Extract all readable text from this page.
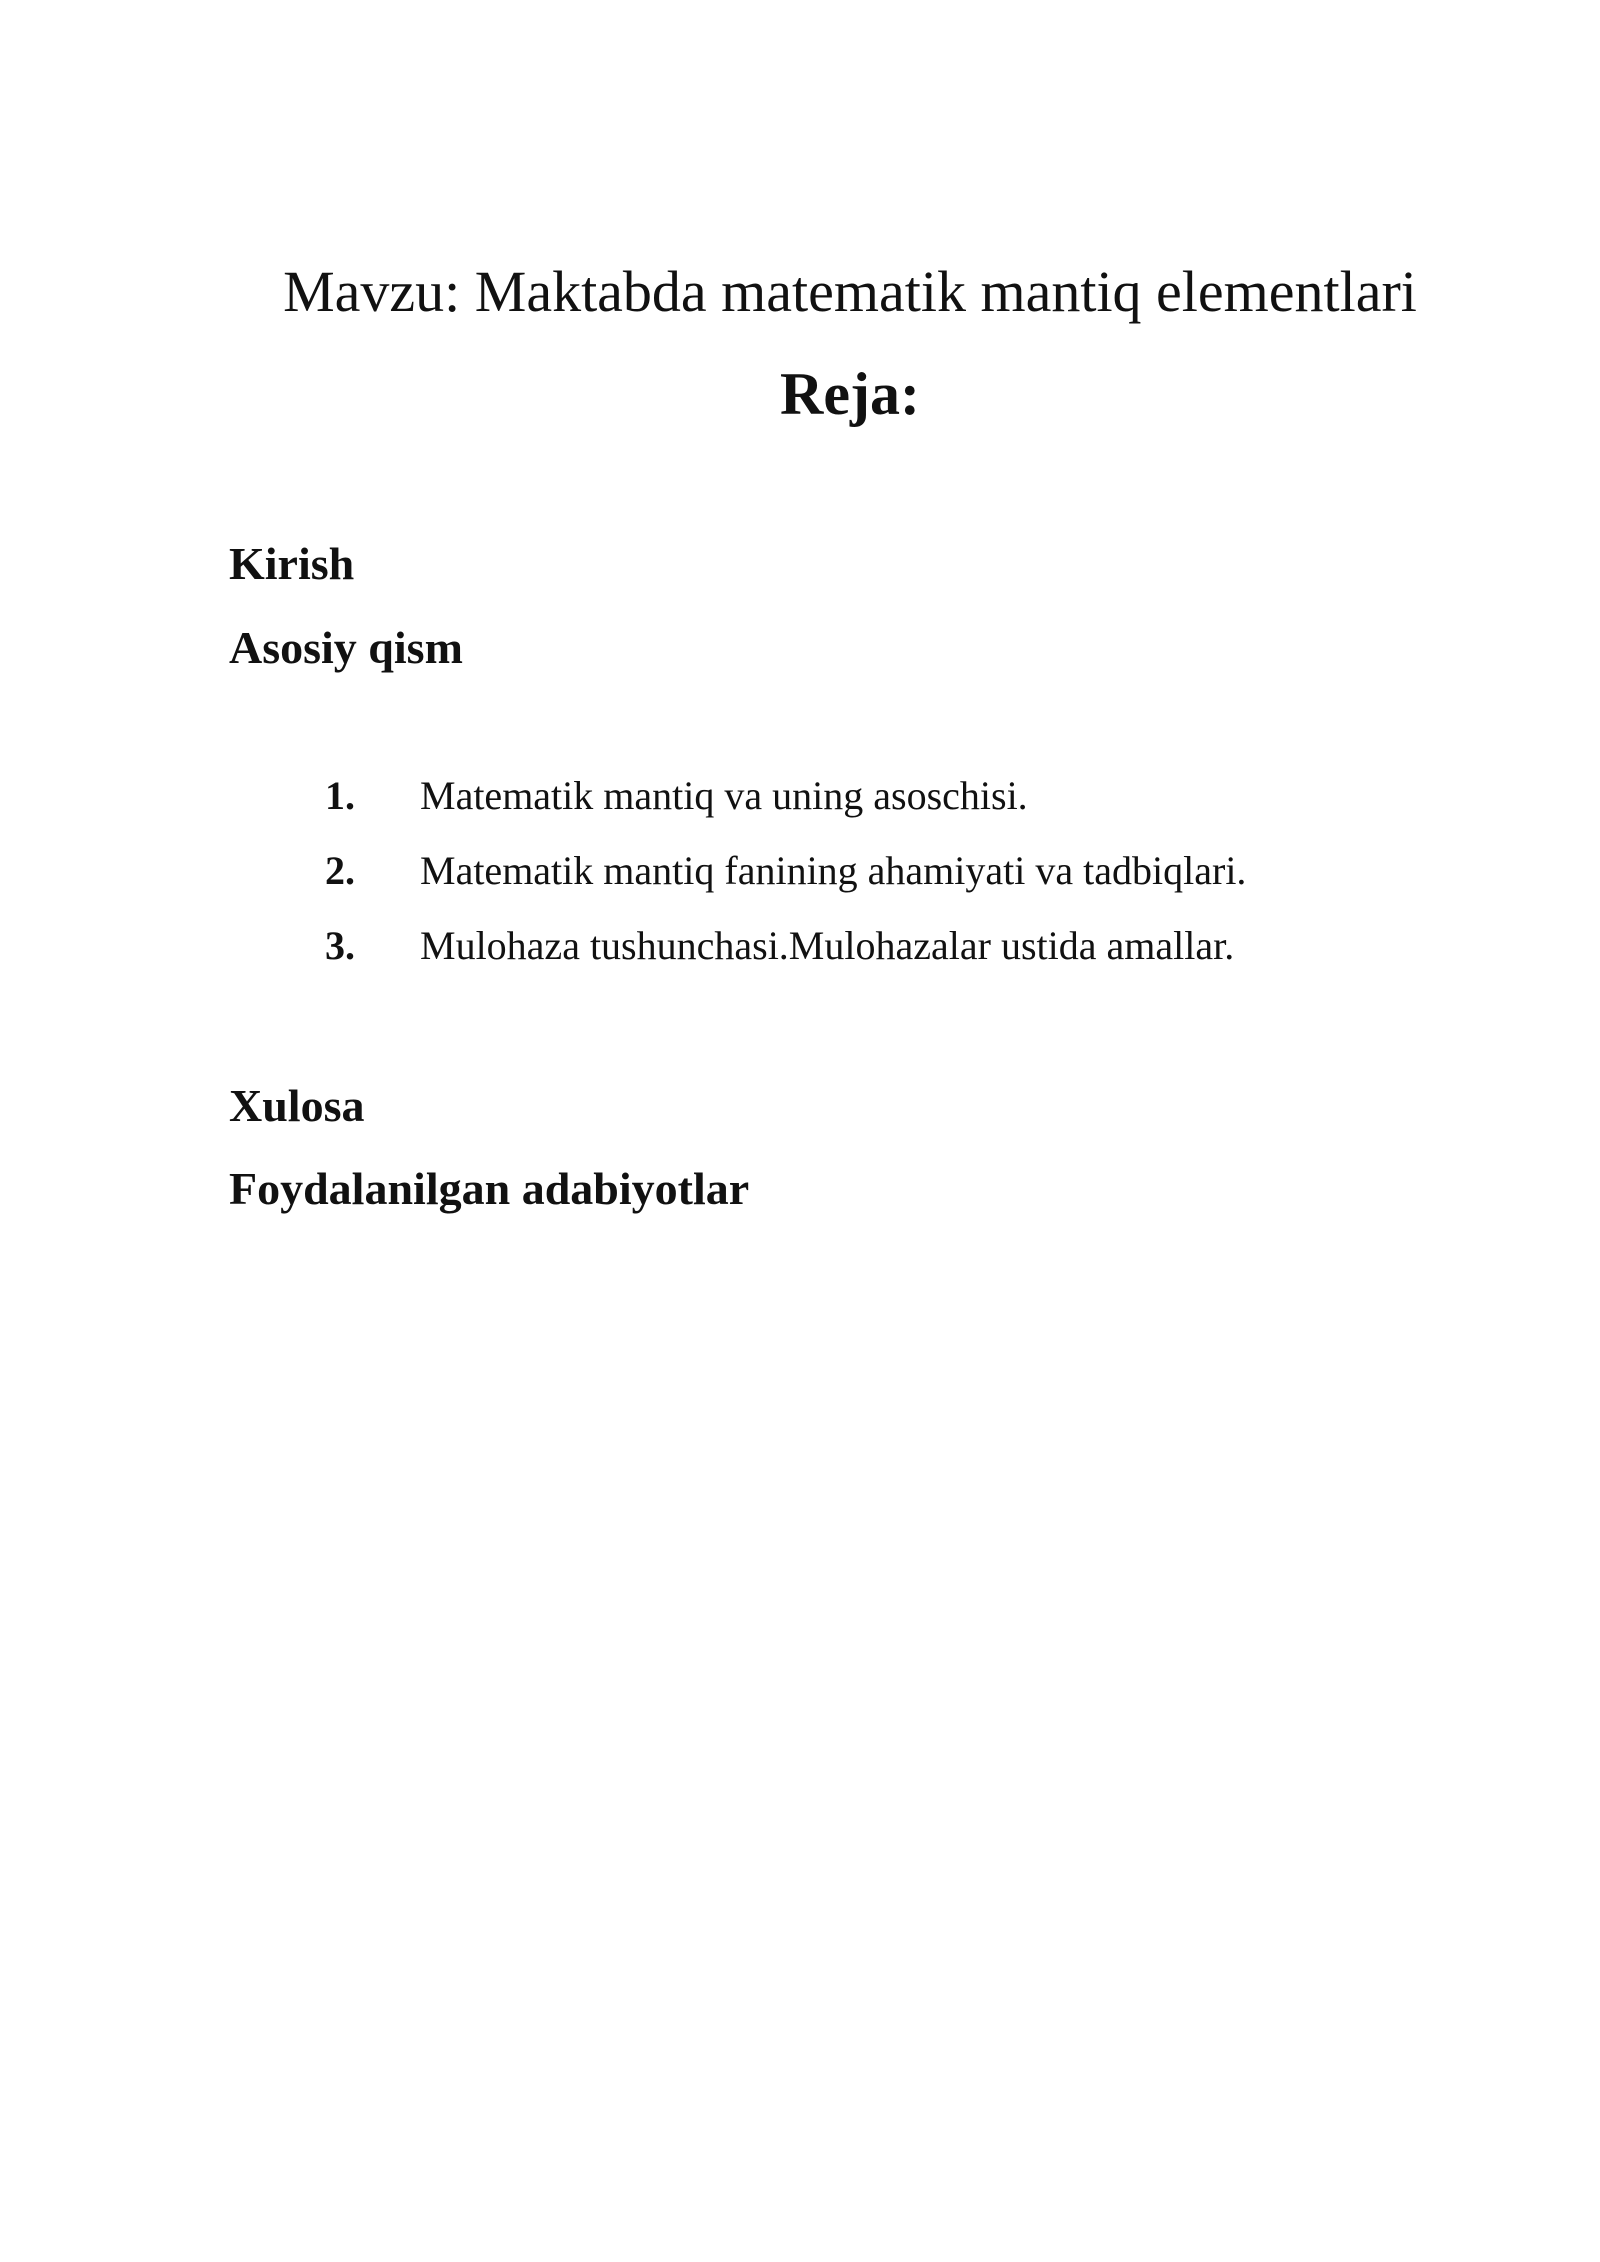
Mavzu: Maktabda matematik mantiq elementlari
Reja:

Kirish

Asosiy qism

1. Matematik mantiq va uning asoschisi.
2. Matematik mantiq fanining ahamiyati va tadbiqlari.
3. Mulohaza tushunchasi.Mulohazalar ustida amallar.

Xulosa

Foydalanilgan adabiyotlar
